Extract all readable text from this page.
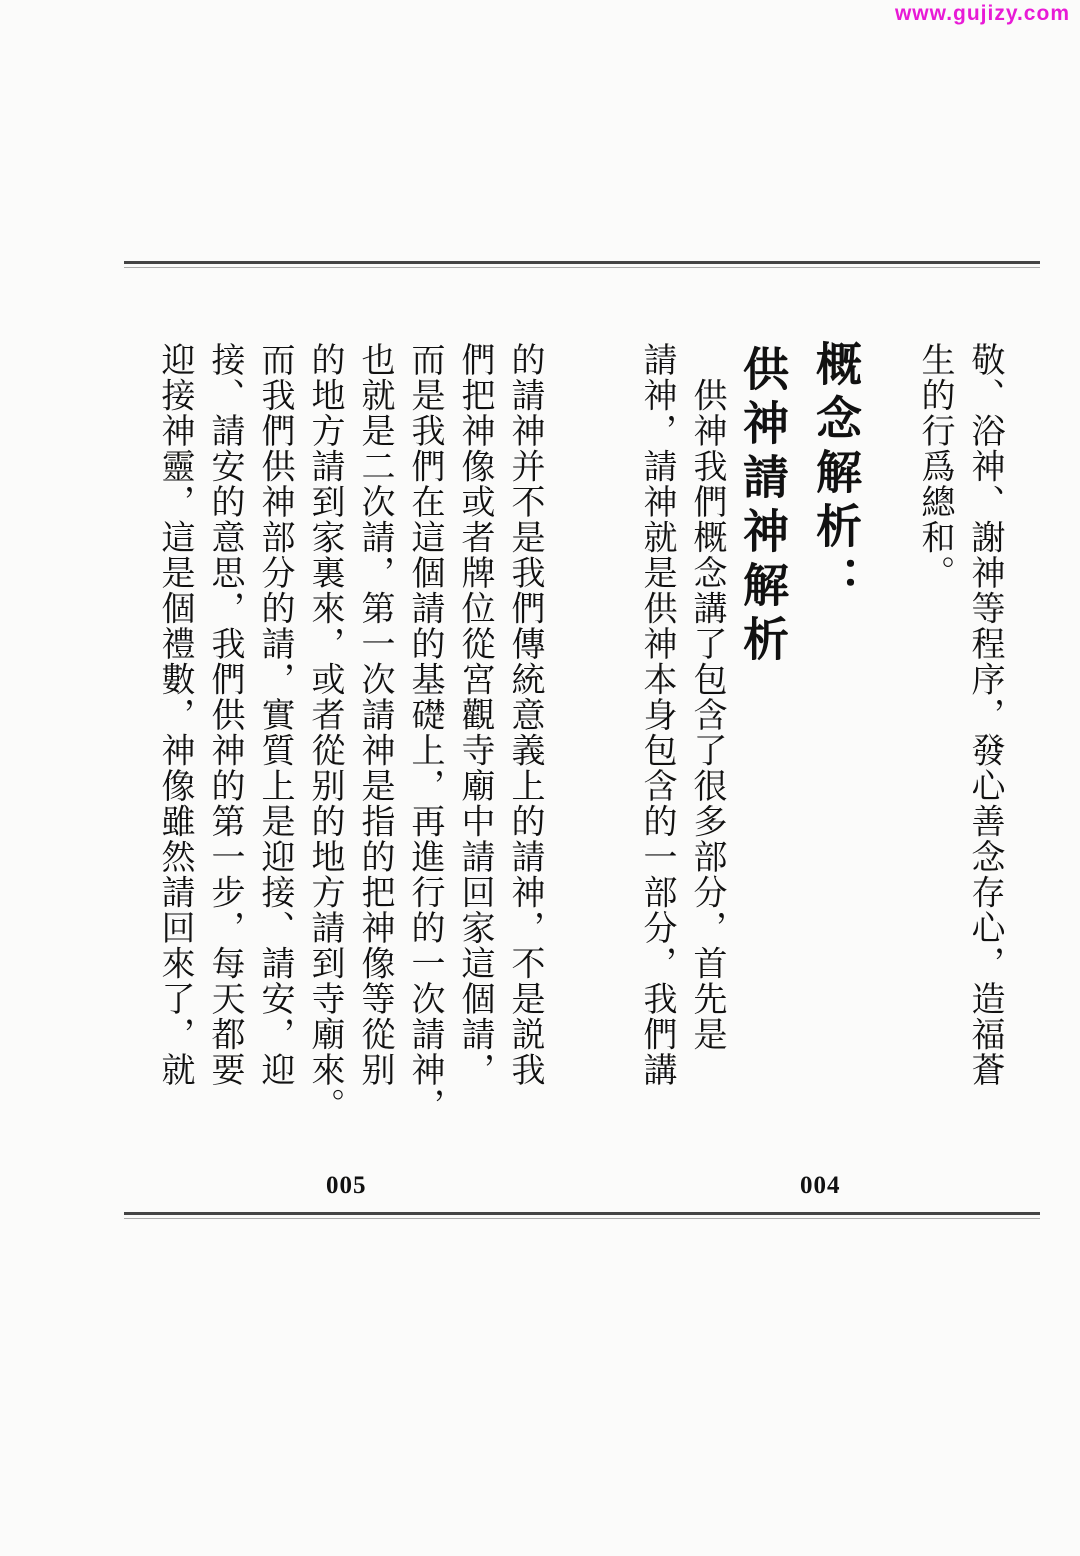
www.gujizy.com
敬、浴神、謝神等程序，發心善念存心，造福蒼
生的行爲總和。
概念解析：
供神請神解析
　供神我們概念講了包含了很多部分，首先是
請神，請神就是供神本身包含的一部分，我們講
的請神并不是我們傳統意義上的請神，不是説我
們把神像或者牌位從宮觀寺廟中請回家這個請，
而是我們在這個請的基礎上，再進行的一次請神，
也就是二次請，第一次請神是指的把神像等從别
的地方請到家裏來，或者從别的地方請到寺廟來。
而我們供神部分的請，實質上是迎接、請安，迎
接、請安的意思，我們供神的第一步，每天都要
迎接神靈，這是個禮數，神像雖然請回來了，就
005	004
